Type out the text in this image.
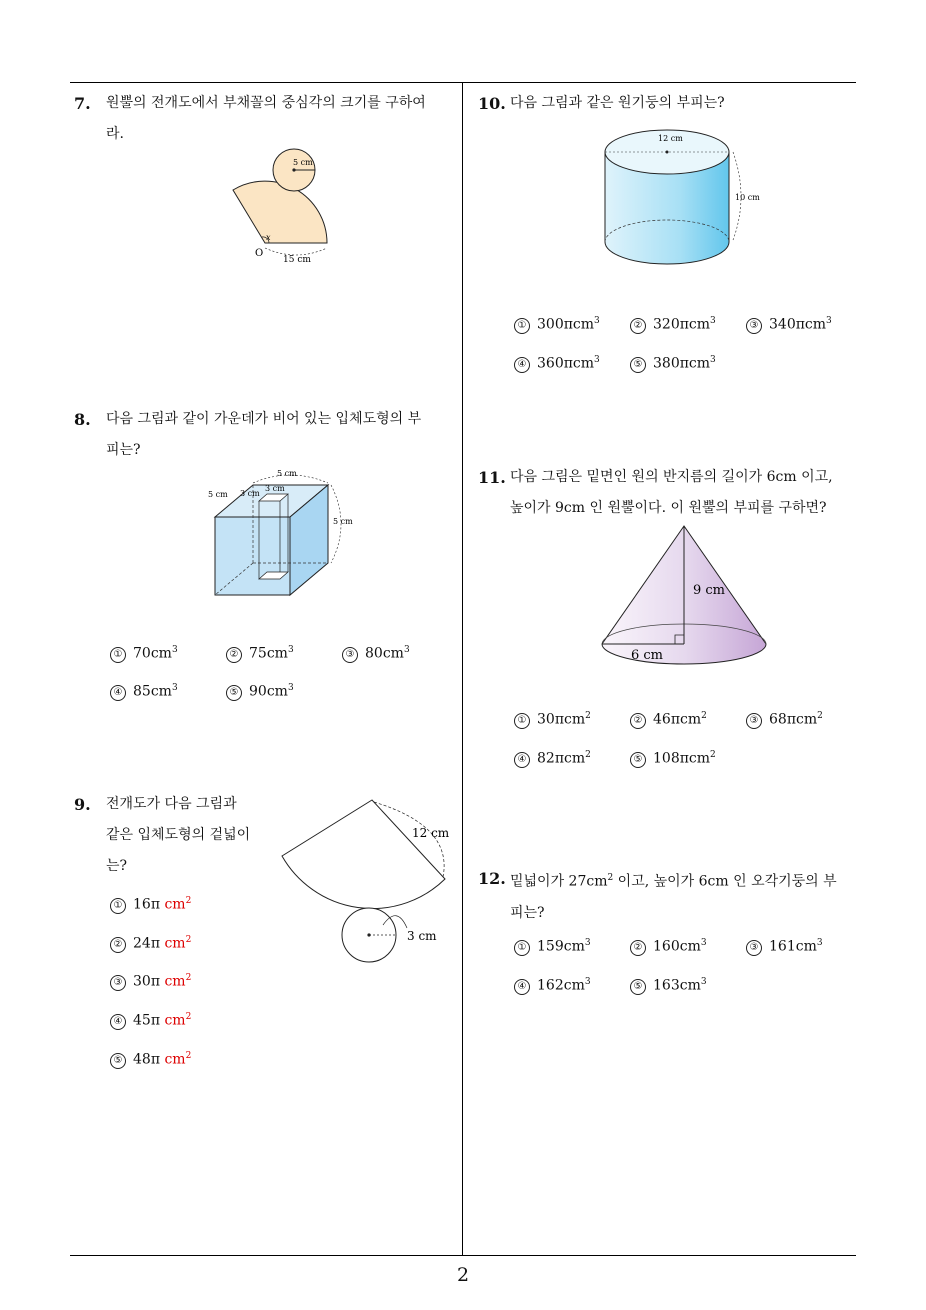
7. 원뿔의 전개도에서 부채꼴의 중심각의 크기를 구하여
라.
5 cm
x
O
15 cm
8. 다음 그림과 같이 가운데가 비어 있는 입체도형의 부
피는?
5 cm
5 cm 3 cm
3 cm
5 cm
① $70cm^3$	② $75cm^3$	③ $80cm^3$
④ $85cm^3$	⑤ $90cm^3$
9. 전개도가 다음 그림과
같은 입체도형의 겉넓이
는?
12 cm
3 cm
① 16π $cm^2$
② 24π $cm^2$
③ 30π $cm^2$
④ 45π $cm^2$
⑤ 48π $cm^2$
10. 다음 그림과 같은 원기둥의 부피는?
12 cm
10 cm
① 300πcm$^3$	② 320πcm$^3$	③ 340πcm$^3$
④ 360πcm$^3$	⑤ 380πcm$^3$
11. 다음 그림은 밑면인 원의 반지름의 길이가 6cm 이고,
높이가 9cm 인 원뿔이다. 이 원뿔의 부피를 구하면?
9 cm
6 cm
① 30πcm$^2$	② 46πcm$^2$	③ 68πcm$^2$
④ 82πcm$^2$	⑤ 108πcm$^2$
12. 밑넓이가 $27cm^2$ 이고, 높이가 6cm 인 오각기둥의 부
피는?
① $159cm^3$	② $160cm^3$	③ $161cm^3$
④ $162cm^3$	⑤ $163cm^3$
2
